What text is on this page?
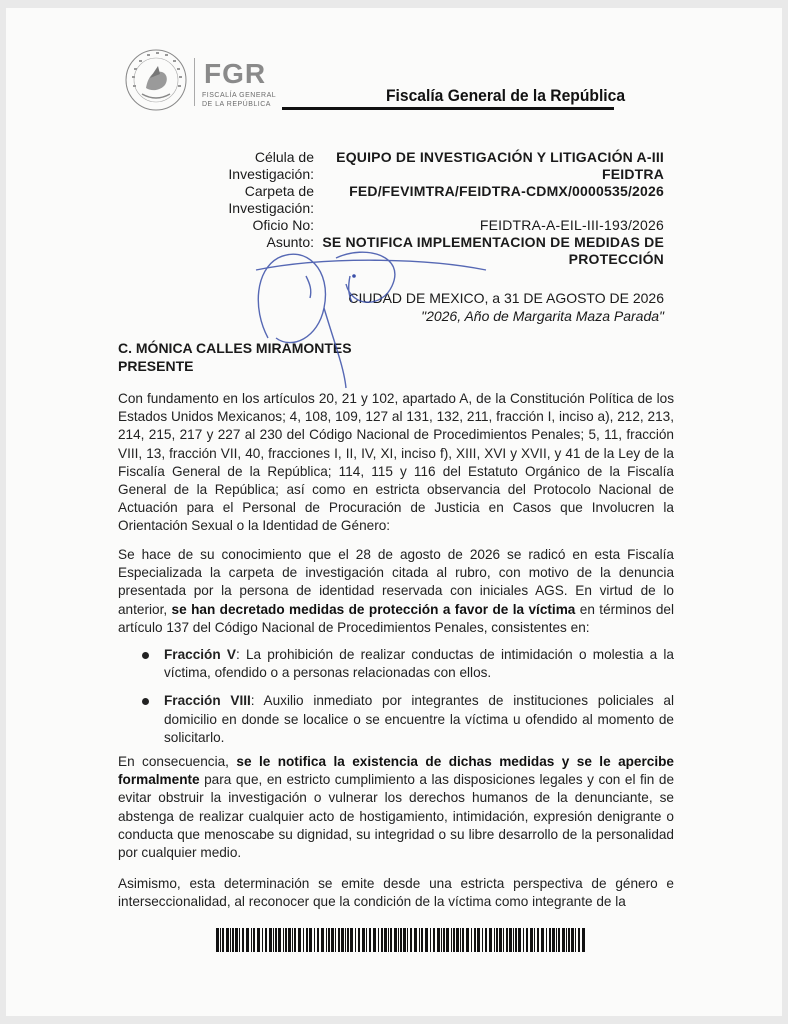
FGR
FISCALÍA GENERAL
DE LA REPÚBLICA	Fiscalía General de la República
Célula de
Investigación:
EQUIPO DE INVESTIGACIÓN Y LITIGACIÓN A-III
FEIDTRA
Carpeta de
Investigación:
FED/FEVIMTRA/FEIDTRA-CDMX/0000535/2026
Oficio No:	FEIDTRA-A-EIL-III-193/2026
Asunto: SE NOTIFICA IMPLEMENTACION DE MEDIDAS DE
PROTECCIÓN
CIUDAD DE MEXICO, a 31 DE AGOSTO DE 2026
"2026, Año de Margarita Maza Parada"
C. MÓNICA CALLES MIRAMONTES
PRESENTE
Con fundamento en los artículos 20, 21 y 102, apartado A, de la Constitución Política de los Estados Unidos Mexicanos; 4, 108, 109, 127 al 131, 132, 211, fracción I, inciso a), 212, 213, 214, 215, 217 y 227 al 230 del Código Nacional de Procedimientos Penales; 5, 11, fracción VIII, 13, fracción VII, 40, fracciones I, II, IV, XI, inciso f), XIII, XVI y XVII, y 41 de la Ley de la Fiscalía General de la República; 114, 115 y 116 del Estatuto Orgánico de la Fiscalía General de la República; así como en estricta observancia del Protocolo Nacional de Actuación para el Personal de Procuración de Justicia en Casos que Involucren la Orientación Sexual o la Identidad de Género:
Se hace de su conocimiento que el 28 de agosto de 2026 se radicó en esta Fiscalía Especializada la carpeta de investigación citada al rubro, con motivo de la denuncia presentada por la persona de identidad reservada con iniciales AGS. En virtud de lo anterior, se han decretado medidas de protección a favor de la víctima en términos del artículo 137 del Código Nacional de Procedimientos Penales, consistentes en:
Fracción V: La prohibición de realizar conductas de intimidación o molestia a la víctima, ofendido o a personas relacionadas con ellos.
Fracción VIII: Auxilio inmediato por integrantes de instituciones policiales al domicilio en donde se localice o se encuentre la víctima u ofendido al momento de solicitarlo.
En consecuencia, se le notifica la existencia de dichas medidas y se le apercibe formalmente para que, en estricto cumplimiento a las disposiciones legales y con el fin de evitar obstruir la investigación o vulnerar los derechos humanos de la denunciante, se abstenga de realizar cualquier acto de hostigamiento, intimidación, expresión denigrante o conducta que menoscabe su dignidad, su integridad o su libre desarrollo de la personalidad por cualquier medio.
Asimismo, esta determinación se emite desde una estricta perspectiva de género e interseccionalidad, al reconocer que la condición de la víctima como integrante de la
